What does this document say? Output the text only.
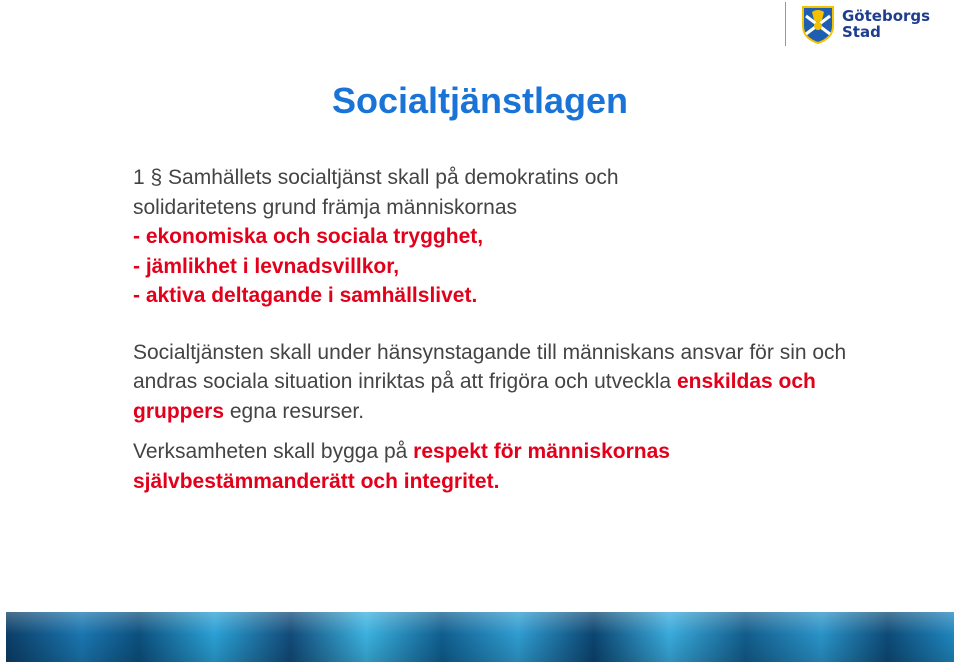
Göteborgs
Stad
Socialtjänstlagen

1 § Samhällets socialtjänst skall på demokratins och

solidaritetens grund främja människornas

- ekonomiska och sociala trygghet,

- jämlikhet i levnadsvillkor,

- aktiva deltagande i samhällslivet.

Socialtjänsten skall under hänsynstagande till människans ansvar för sin och andras sociala situation inriktas på att frigöra och utveckla enskildas och gruppers egna resurser.

Verksamheten skall bygga på respekt för människornas självbestämmanderätt och integritet.
